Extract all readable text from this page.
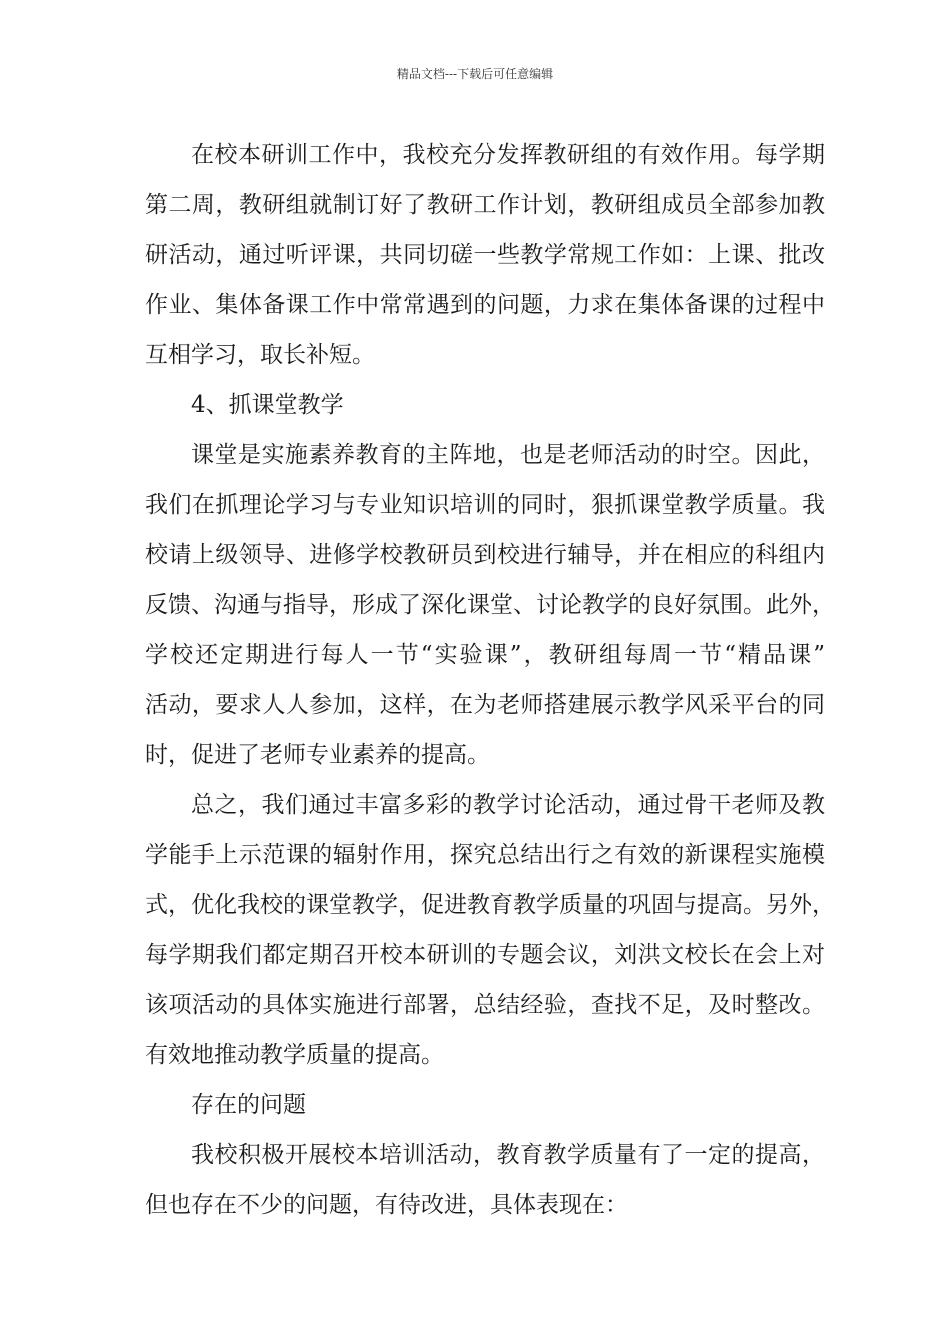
精品文档---下载后可任意编辑
在校本研训工作中，我校充分发挥教研组的有效作用。每学期
第二周，教研组就制订好了教研工作计划，教研组成员全部参加教
研活动，通过听评课，共同切磋一些教学常规工作如：上课、批改
作业、集体备课工作中常常遇到的问题，力求在集体备课的过程中
互相学习，取长补短。
4、抓课堂教学
课堂是实施素养教育的主阵地，也是老师活动的时空。因此，
我们在抓理论学习与专业知识培训的同时，狠抓课堂教学质量。我
校请上级领导、进修学校教研员到校进行辅导，并在相应的科组内
反馈、沟通与指导，形成了深化课堂、讨论教学的良好氛围。此外，
学校还定期进行每人一节“实验课”，教研组每周一节“精品课”
活动，要求人人参加，这样，在为老师搭建展示教学风采平台的同
时，促进了老师专业素养的提高。
总之，我们通过丰富多彩的教学讨论活动，通过骨干老师及教
学能手上示范课的辐射作用，探究总结出行之有效的新课程实施模
式，优化我校的课堂教学，促进教育教学质量的巩固与提高。另外，
每学期我们都定期召开校本研训的专题会议，刘洪文校长在会上对
该项活动的具体实施进行部署，总结经验，查找不足，及时整改。
有效地推动教学质量的提高。
存在的问题
我校积极开展校本培训活动，教育教学质量有了一定的提高，
但也存在不少的问题，有待改进，具体表现在：
